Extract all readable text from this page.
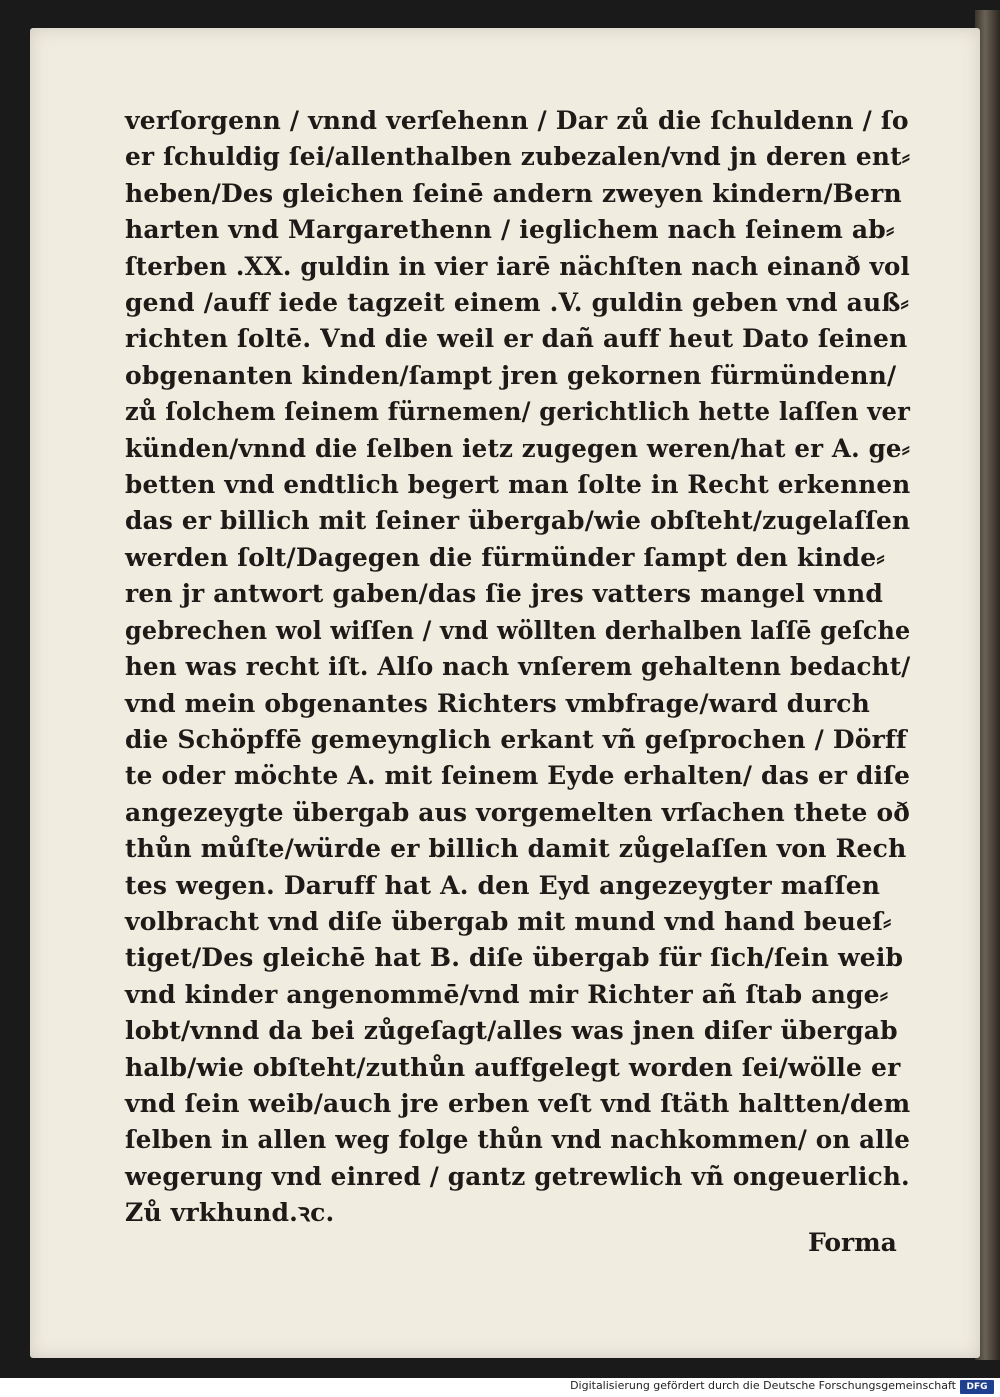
verſorgenn / vnnd verſehenn / Dar zů die ſchuldenn / ſo
er ſchuldig ſei/allenthalben zubezalen/vnd jn deren ent⸗
heben/Des gleichen ſeinē andern zweyen kindern/Bern
harten vnd Margarethenn / ieglichem nach ſeinem ab⸗
ſterben .XX. guldin in vier iarē nächſten nach einanð vol
gend /auff iede tagzeit einem .V. guldin geben vnd auß⸗
richten ſoltē. Vnd die weil er dañ auff heut Dato ſeinen
obgenanten kinden/ſampt jren gekornen fürmündenn/
zů ſolchem ſeinem fürnemen/ gerichtlich hette laſſen ver
künden/vnnd die ſelben ietz zugegen weren/hat er A. ge⸗
betten vnd endtlich begert man ſolte in Recht erkennen
das er billich mit ſeiner übergab/wie obſteht/zugelaſſen
werden ſolt/Dagegen die fürmünder ſampt den kinde⸗
ren jr antwort gaben/das ſie jres vatters mangel vnnd
gebrechen wol wiſſen / vnd wöllten derhalben laſſē geſche
hen was recht iſt. Alſo nach vnſerem gehaltenn bedacht/
vnd mein obgenantes Richters vmbfrage/ward durch
die Schöpffē gemeynglich erkant vñ geſprochen / Dörff
te oder möchte A. mit ſeinem Eyde erhalten/ das er diſe
angezeygte übergab aus vorgemelten vrſachen thete oð
thůn můſte/würde er billich damit zůgelaſſen von Rech
tes wegen. Daruff hat A. den Eyd angezeygter maſſen
volbracht vnd diſe übergab mit mund vnd hand beueſ⸗
tiget/Des gleichē hat B. diſe übergab für ſich/ſein weib
vnd kinder angenommē/vnd mir Richter añ ſtab ange⸗
lobt/vnnd da bei zůgeſagt/alles was jnen diſer übergab
halb/wie obſteht/zuthůn auffgelegt worden ſei/wölle er
vnd ſein weib/auch jre erben veſt vnd ſtäth haltten/dem
ſelben in allen weg folge thůn vnd nachkommen/ on alle
wegerung vnd einred / gantz getrewlich vñ ongeuerlich.
Zů vrkhund.ꝛc.
Forma
Digitalisierung gefördert durch die Deutsche Forschungsgemeinschaft	DFG
